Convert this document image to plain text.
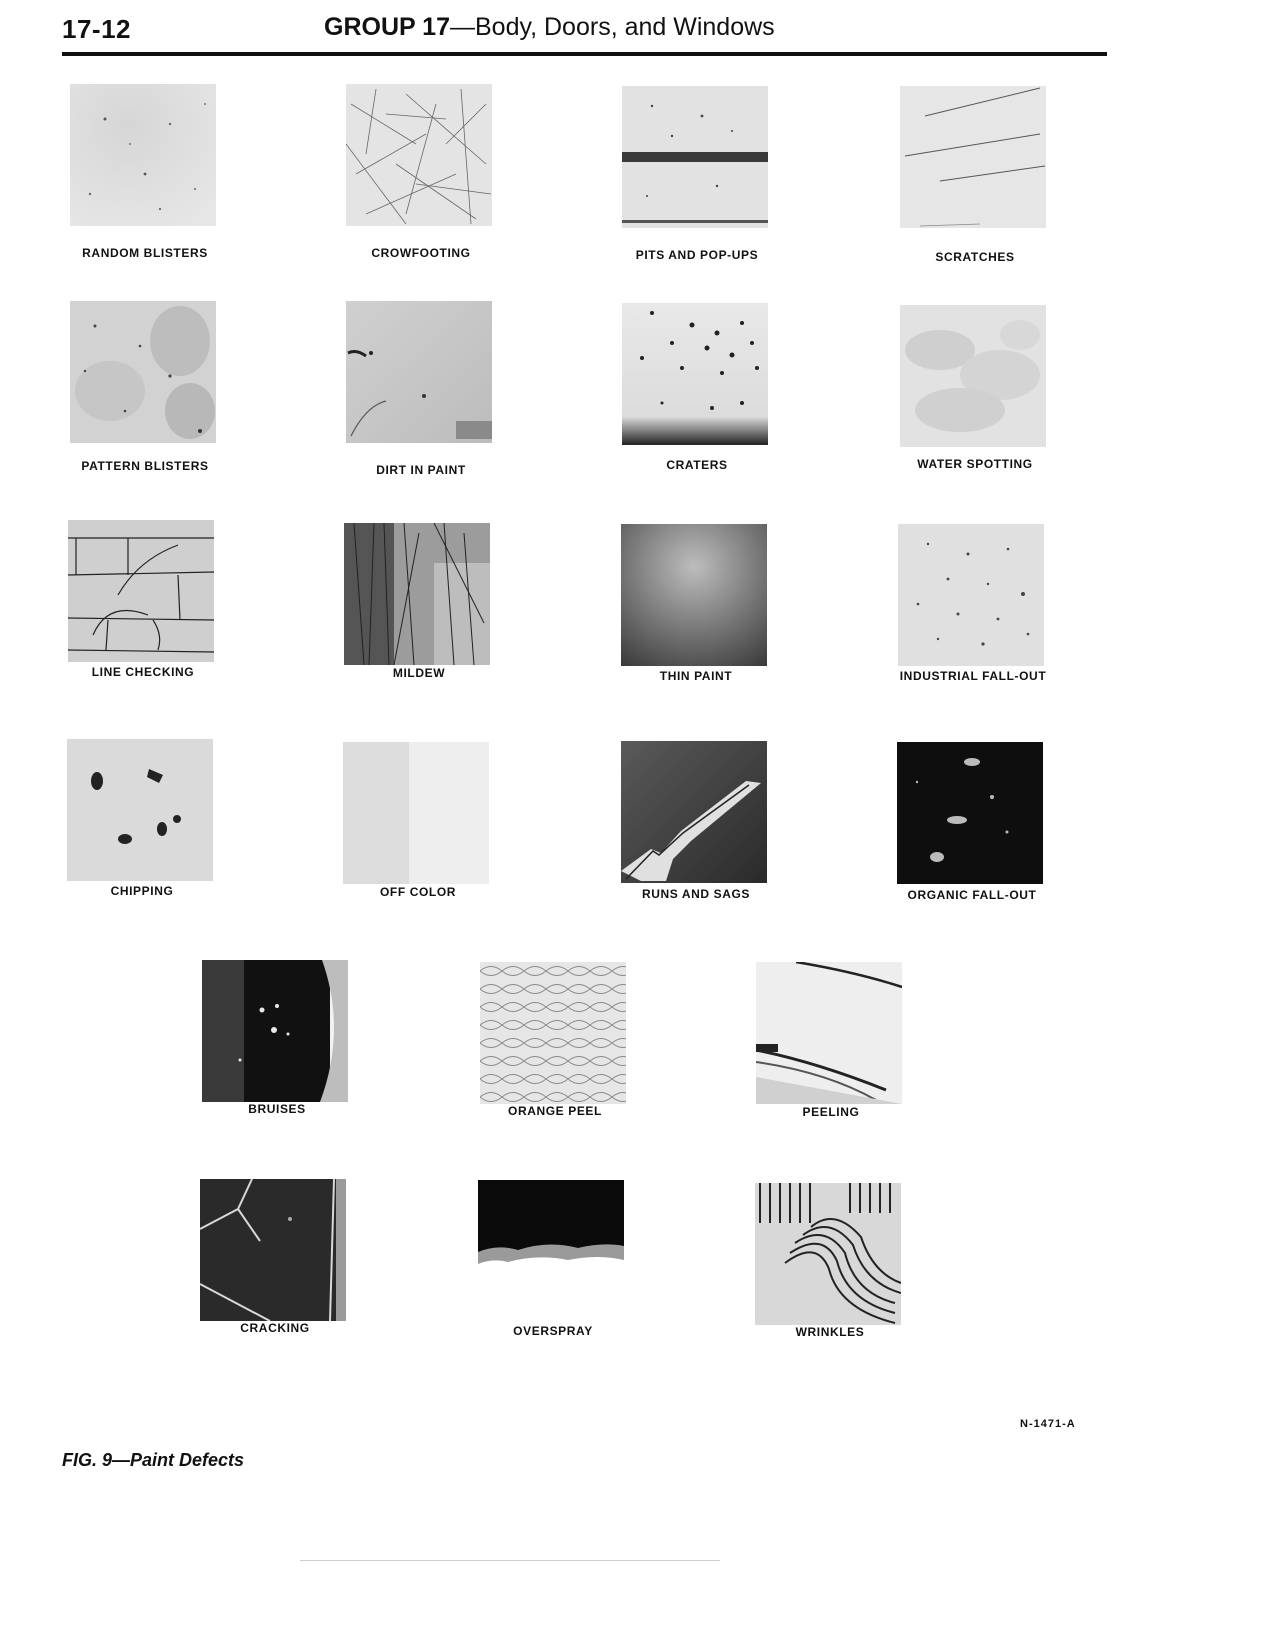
17-12	GROUP 17—Body, Doors, and Windows
RANDOM BLISTERS	CROWFOOTING	PITS AND POP-UPS	SCRATCHES
PATTERN BLISTERS	DIRT IN PAINT	CRATERS	WATER SPOTTING
LINE CHECKING	MILDEW	THIN PAINT	INDUSTRIAL FALL-OUT
CHIPPING	OFF COLOR	RUNS AND SAGS	ORGANIC FALL-OUT
BRUISES	ORANGE PEEL	PEELING
CRACKING	OVERSPRAY	WRINKLES
N-1471-A
FIG. 9—Paint Defects
